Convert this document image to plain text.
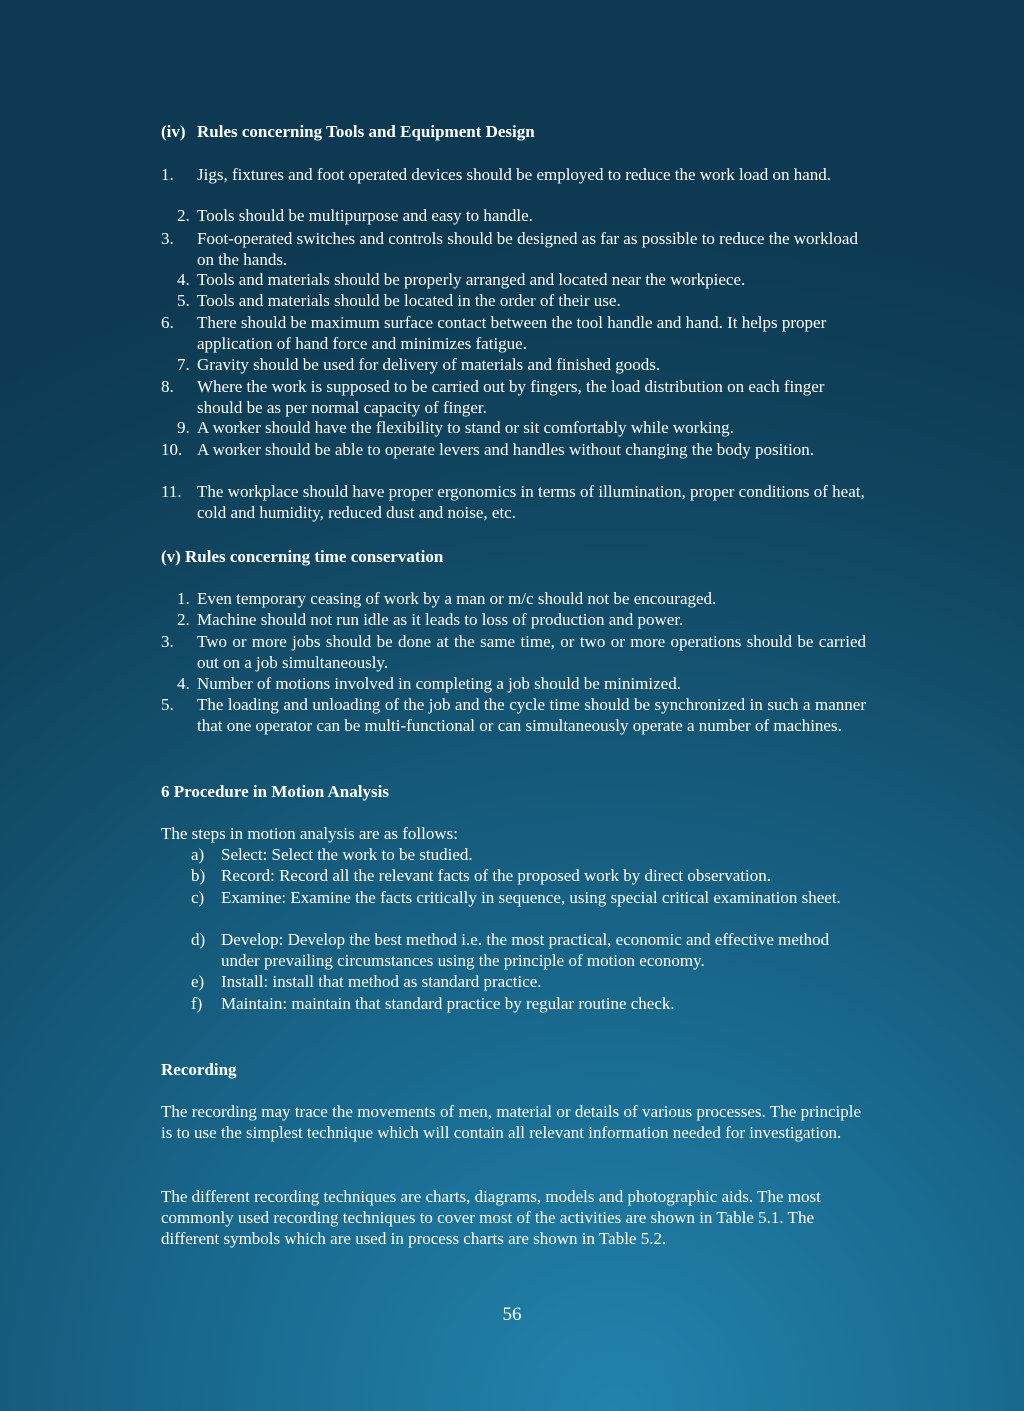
(iv) Rules concerning Tools and Equipment Design
1. Jigs, fixtures and foot operated devices should be employed to reduce the work load on hand.
2. Tools should be multipurpose and easy to handle.
3. Foot-operated switches and controls should be designed as far as possible to reduce the workload on the hands.
4. Tools and materials should be properly arranged and located near the workpiece.
5. Tools and materials should be located in the order of their use.
6. There should be maximum surface contact between the tool handle and hand. It helps proper application of hand force and minimizes fatigue.
7. Gravity should be used for delivery of materials and finished goods.
8. Where the work is supposed to be carried out by fingers, the load distribution on each finger should be as per normal capacity of finger.
9. A worker should have the flexibility to stand or sit comfortably while working.
10. A worker should be able to operate levers and handles without changing the body position.
11. The workplace should have proper ergonomics in terms of illumination, proper conditions of heat, cold and humidity, reduced dust and noise, etc.
(v) Rules concerning time conservation
1. Even temporary ceasing of work by a man or m/c should not be encouraged.
2. Machine should not run idle as it leads to loss of production and power.
3. Two or more jobs should be done at the same time, or two or more operations should be carried out on a job simultaneously.
4. Number of motions involved in completing a job should be minimized.
5. The loading and unloading of the job and the cycle time should be synchronized in such a manner that one operator can be multi-functional or can simultaneously operate a number of machines.
6 Procedure in Motion Analysis
The steps in motion analysis are as follows:
a) Select: Select the work to be studied.
b) Record: Record all the relevant facts of the proposed work by direct observation.
c) Examine: Examine the facts critically in sequence, using special critical examination sheet.
d) Develop: Develop the best method i.e. the most practical, economic and effective method under prevailing circumstances using the principle of motion economy.
e) Install: install that method as standard practice.
f) Maintain: maintain that standard practice by regular routine check.
Recording
The recording may trace the movements of men, material or details of various processes. The principle is to use the simplest technique which will contain all relevant information needed for investigation.
The different recording techniques are charts, diagrams, models and photographic aids. The most commonly used recording techniques to cover most of the activities are shown in Table 5.1. The different symbols which are used in process charts are shown in Table 5.2.
56
